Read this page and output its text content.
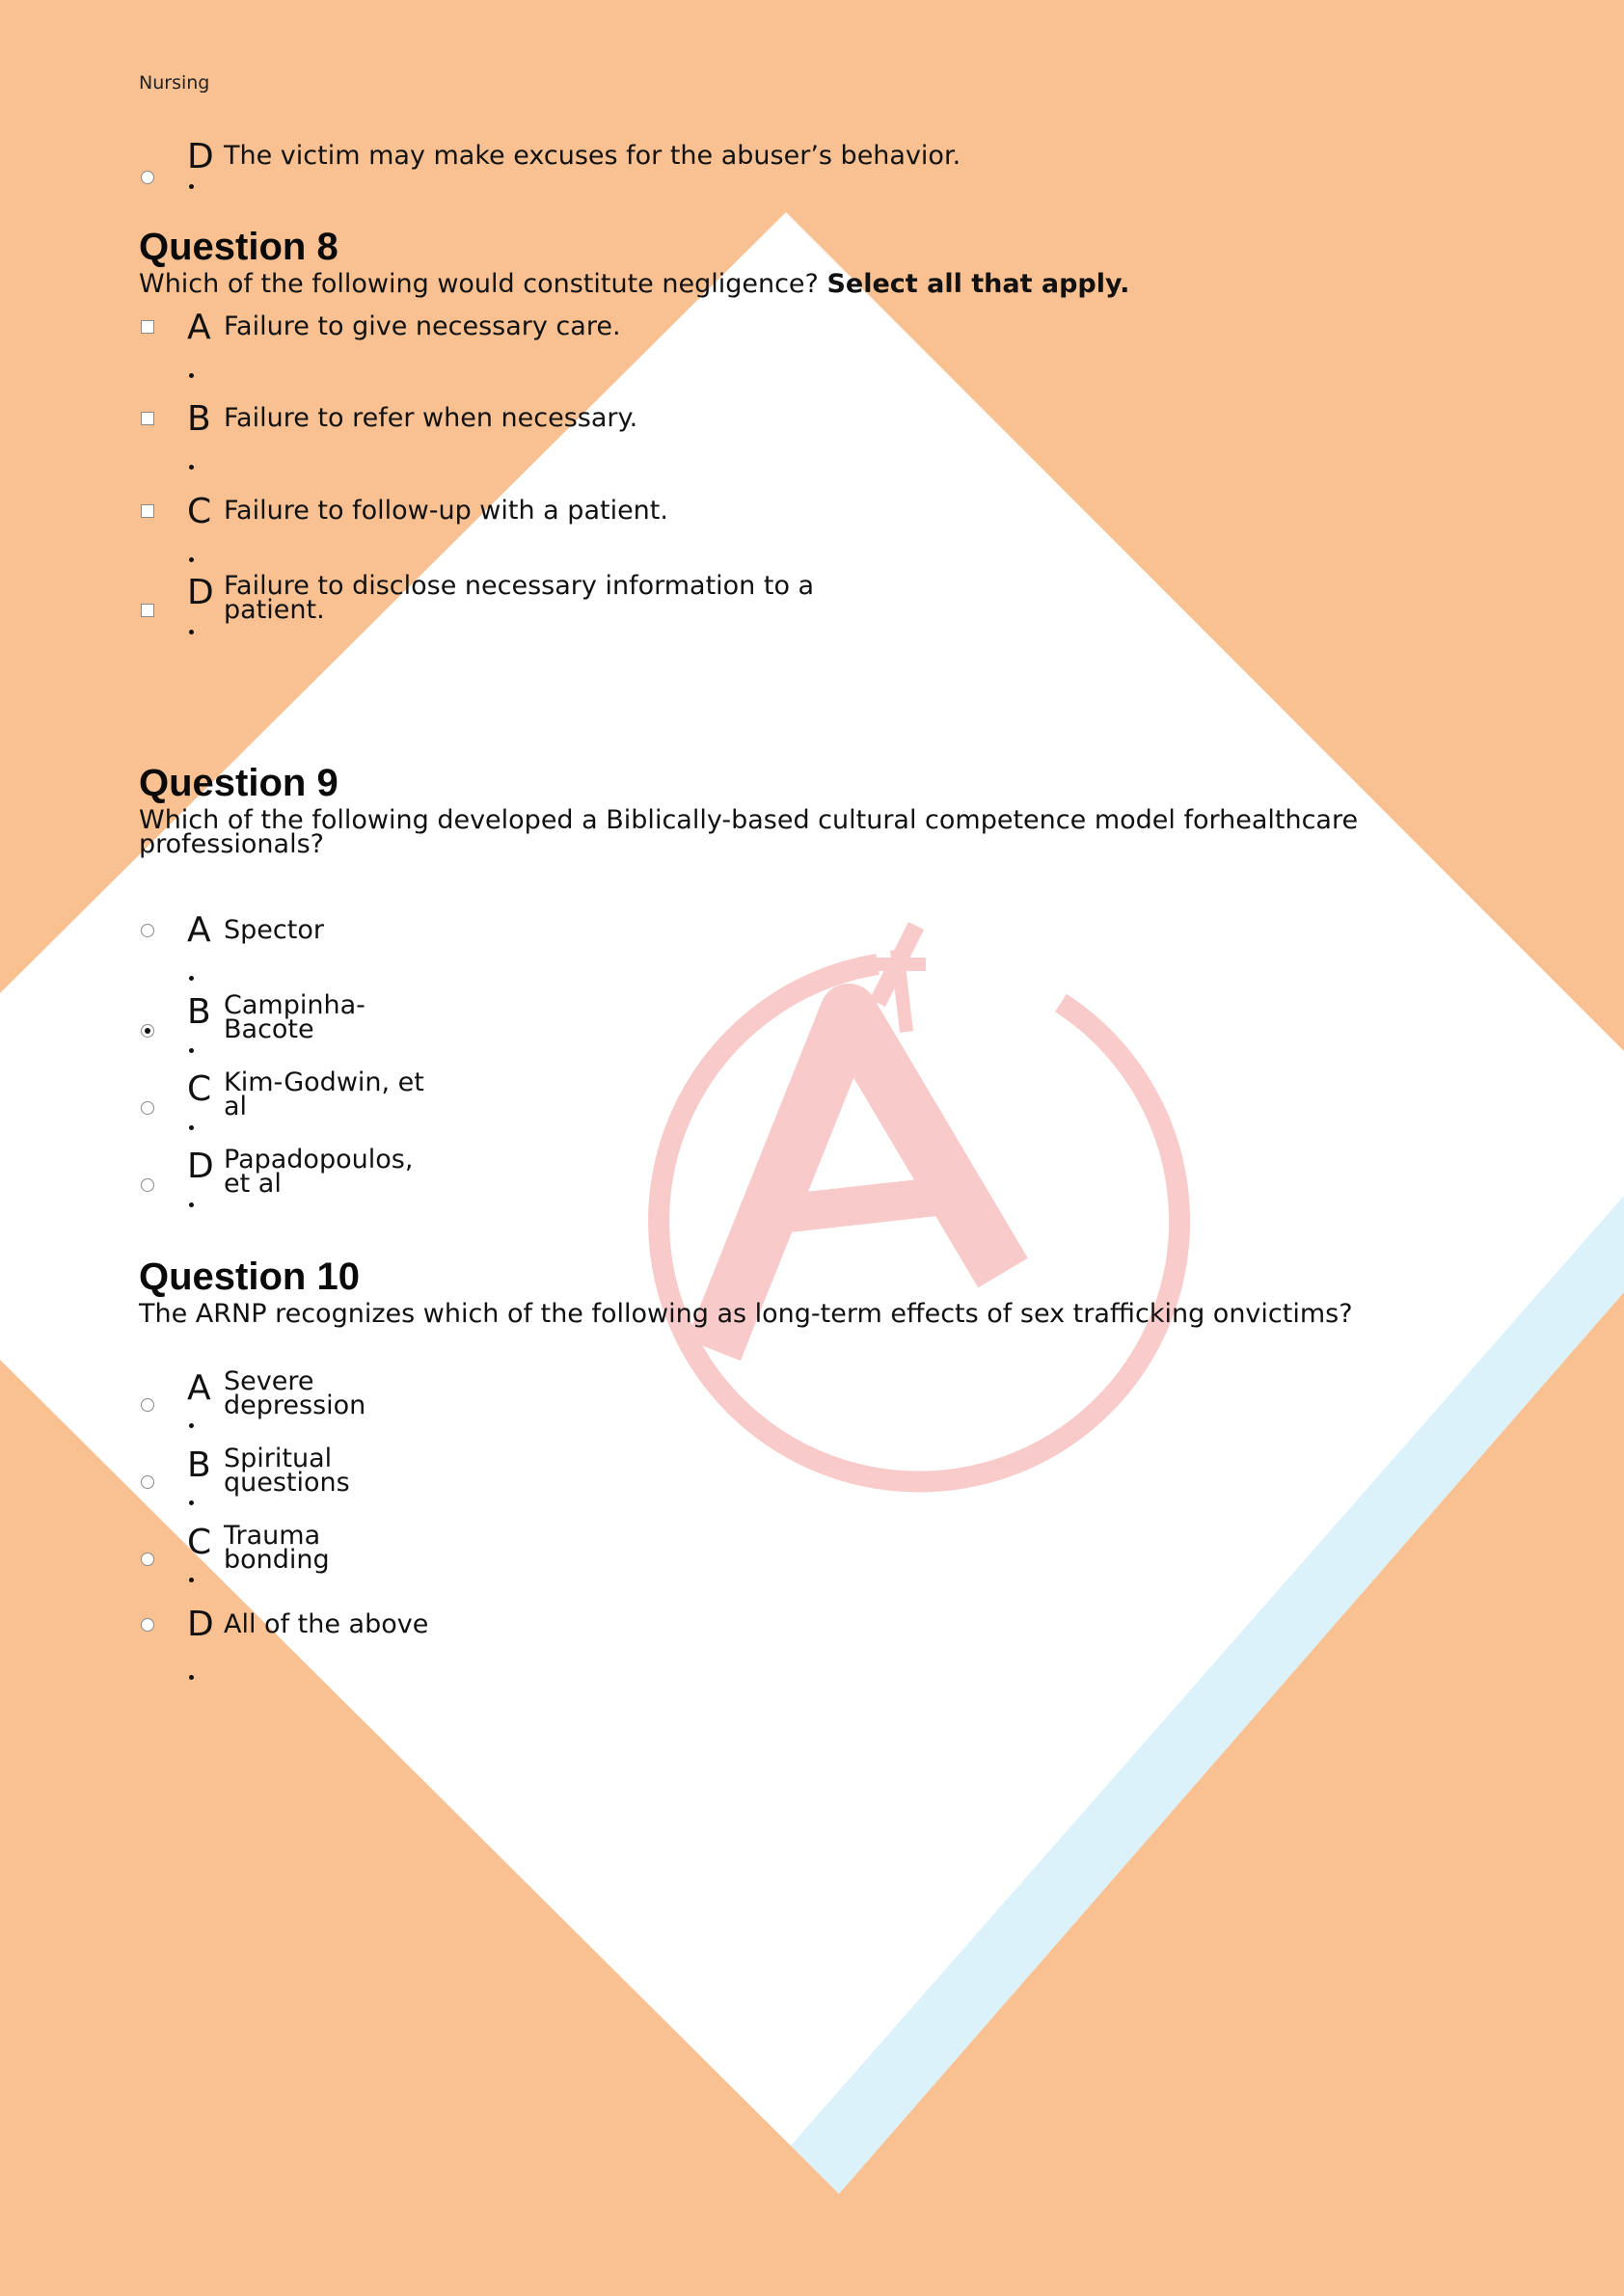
Nursing
D The victim may make excuses for the abuser’s behavior.
Question 8
Which of the following would constitute negligence? Select all that apply.
A Failure to give necessary care.
B Failure to refer when necessary.
C Failure to follow-up with a patient.
D Failure to disclose necessary information to a
patient.
Question 9
Which of the following developed a Biblically-based cultural competence model forhealthcare professionals?
A Spector
B Campinha-
Bacote
C Kim-Godwin, et
al
D Papadopoulos,
et al
Question 10
The ARNP recognizes which of the following as long-term effects of sex trafficking onvictims?
A Severe
depression
B Spiritual
questions
C Trauma
bonding
D All of the above
